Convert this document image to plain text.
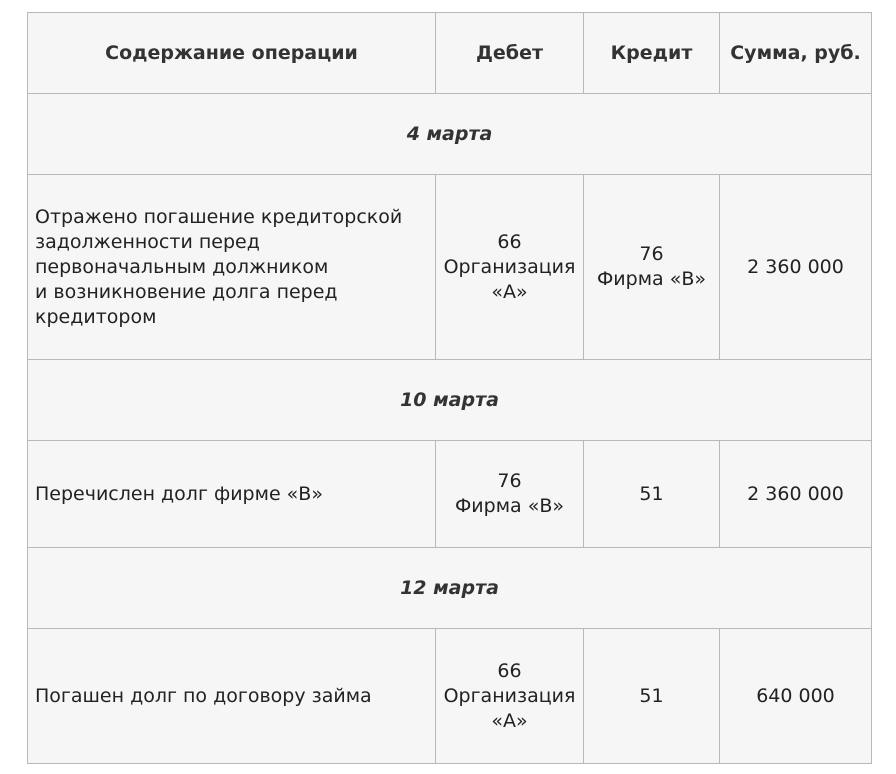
Содержание операции	Дебет	Кредит	Сумма, руб.
4 марта			

Отражено погашение кредиторской
задолженности перед
первоначальным должником
и возникновение долга перед
кредитором	66
Организация
«А»	76
Фирма «В»	2 360 000
10 марта			

Перечислен долг фирме «В»	76
Фирма «В»	51	2 360 000
12 марта			

Погашен долг по договору займа	66
Организация
«А»	51	640 000
